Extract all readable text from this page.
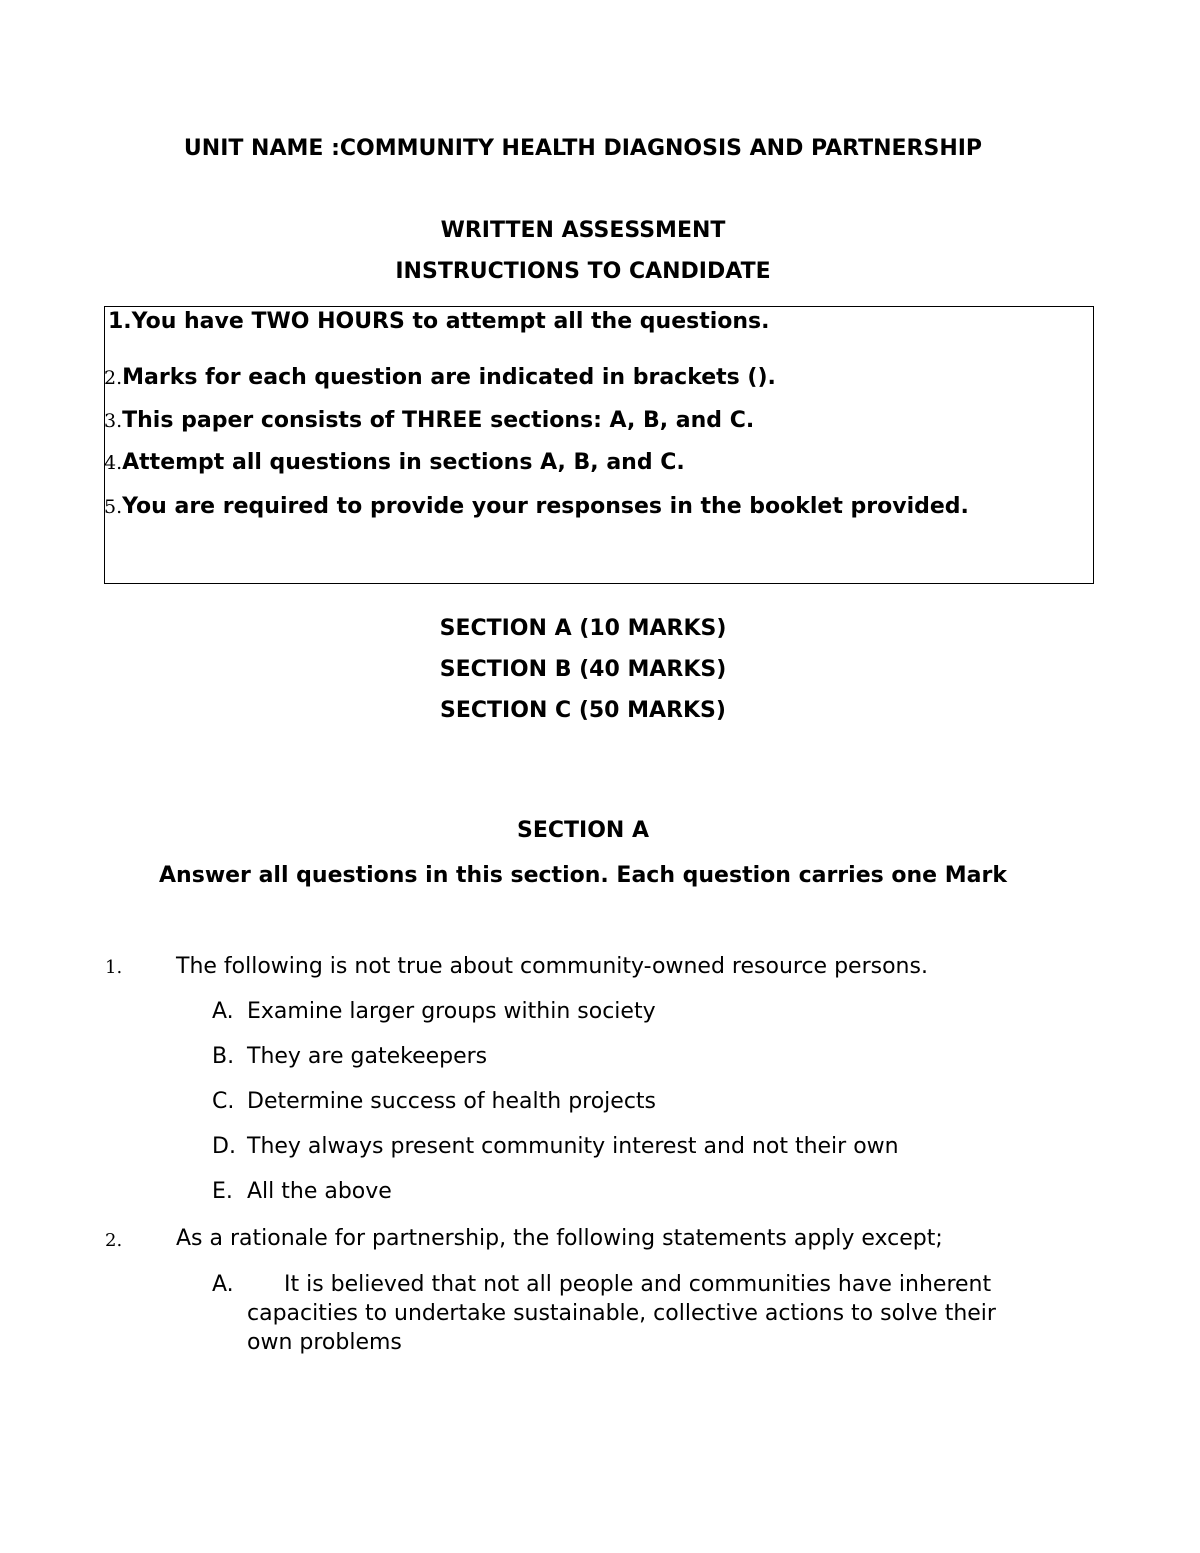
UNIT NAME :COMMUNITY HEALTH DIAGNOSIS AND PARTNERSHIP
WRITTEN ASSESSMENT
INSTRUCTIONS TO CANDIDATE
1.You have TWO HOURS to attempt all the questions.
2.Marks for each question are indicated in brackets ().
3.This paper consists of THREE sections: A, B, and C.
4.Attempt all questions in sections A, B, and C.
5.You are required to provide your responses in the booklet provided.
SECTION A (10 MARKS)
SECTION B (40 MARKS)
SECTION C (50 MARKS)
SECTION A
Answer all questions in this section. Each question carries one Mark
1. The following is not true about community-owned resource persons.
A. Examine larger groups within society
B. They are gatekeepers
C. Determine success of health projects
D. They always present community interest and not their own
E. All the above
2. As a rationale for partnership, the following statements apply except;
A.	It is believed that not all people and communities have inherent
capacities to undertake sustainable, collective actions to solve their
own problems
